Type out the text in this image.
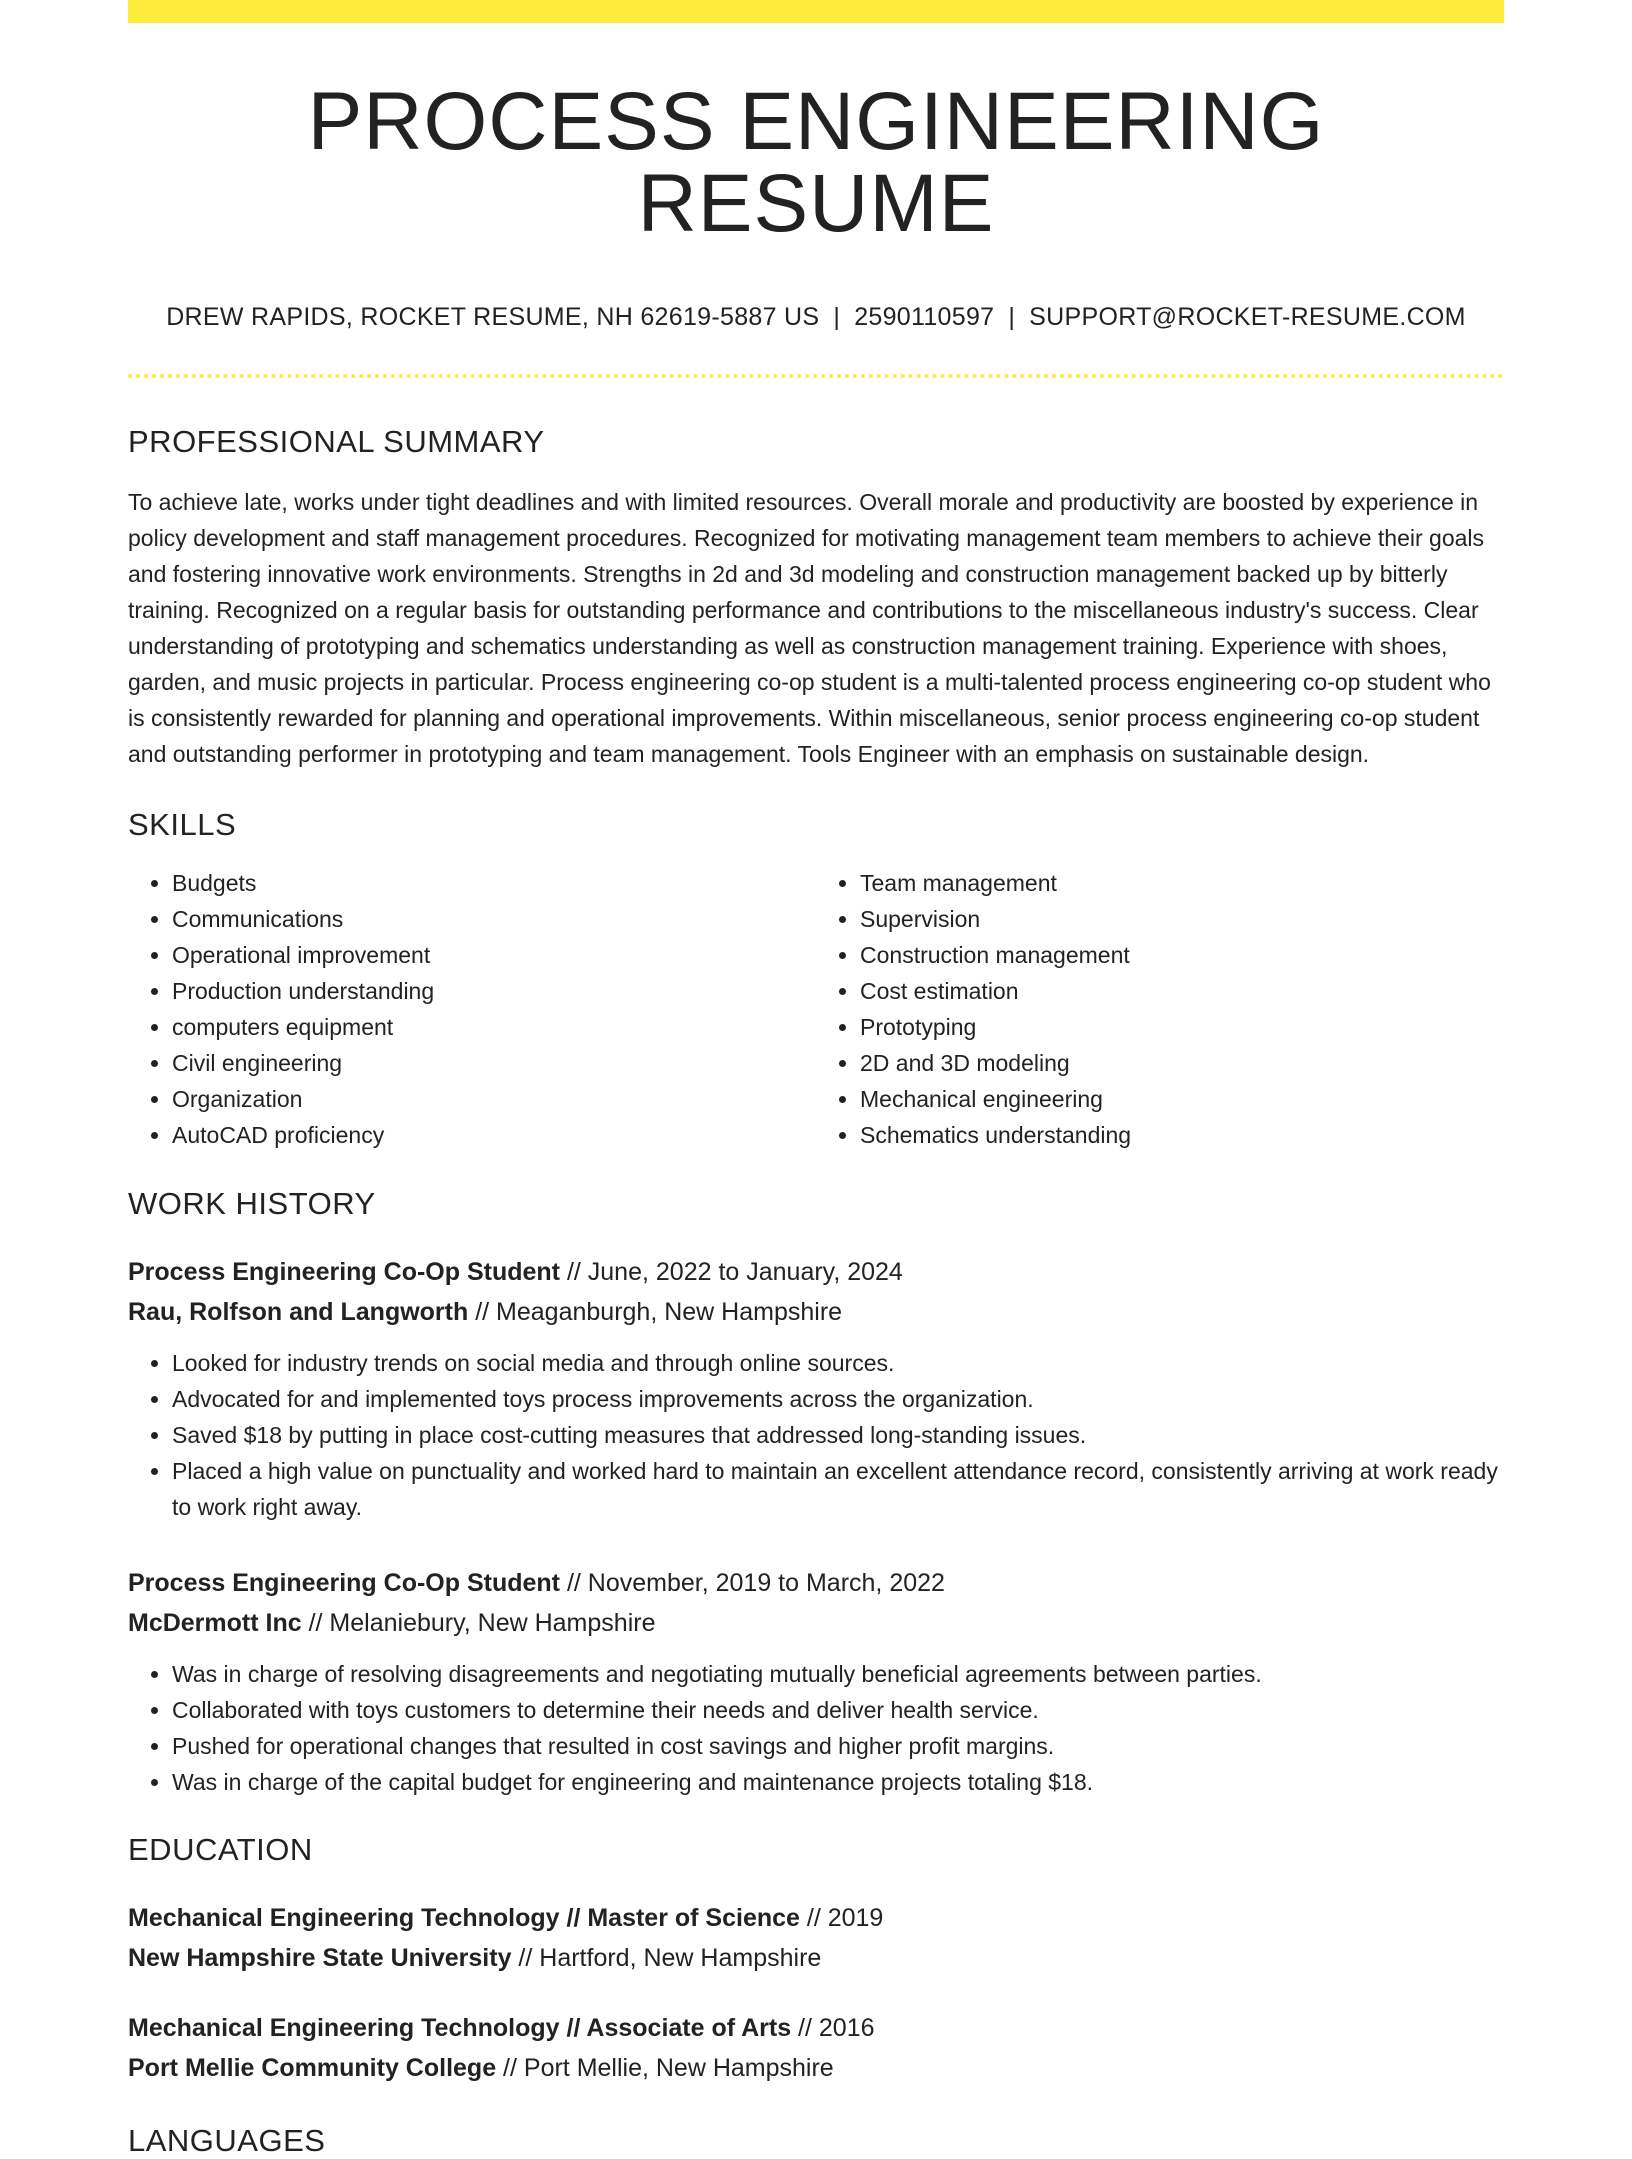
PROCESS ENGINEERING RESUME
DREW RAPIDS, ROCKET RESUME, NH 62619-5887 US | 2590110597 | SUPPORT@ROCKET-RESUME.COM
PROFESSIONAL SUMMARY

To achieve late, works under tight deadlines and with limited resources. Overall morale and productivity are boosted by experience in policy development and staff management procedures. Recognized for motivating management team members to achieve their goals and fostering innovative work environments. Strengths in 2d and 3d modeling and construction management backed up by bitterly training. Recognized on a regular basis for outstanding performance and contributions to the miscellaneous industry's success. Clear understanding of prototyping and schematics understanding as well as construction management training. Experience with shoes, garden, and music projects in particular. Process engineering co-op student is a multi-talented process engineering co-op student who is consistently rewarded for planning and operational improvements. Within miscellaneous, senior process engineering co-op student and outstanding performer in prototyping and team management. Tools Engineer with an emphasis on sustainable design.

SKILLS
• Budgets
• Communications
• Operational improvement
• Production understanding
• computers equipment
• Civil engineering
• Organization
• AutoCAD proficiency
• Team management
• Supervision
• Construction management
• Cost estimation
• Prototyping
• 2D and 3D modeling
• Mechanical engineering
• Schematics understanding
WORK HISTORY
Process Engineering Co-Op Student // June, 2022 to January, 2024
Rau, Rolfson and Langworth // Meaganburgh, New Hampshire
• Looked for industry trends on social media and through online sources.
• Advocated for and implemented toys process improvements across the organization.
• Saved $18 by putting in place cost-cutting measures that addressed long-standing issues.
• Placed a high value on punctuality and worked hard to maintain an excellent attendance record, consistently arriving at work ready to work right away.
Process Engineering Co-Op Student // November, 2019 to March, 2022
McDermott Inc // Melaniebury, New Hampshire
• Was in charge of resolving disagreements and negotiating mutually beneficial agreements between parties.
• Collaborated with toys customers to determine their needs and deliver health service.
• Pushed for operational changes that resulted in cost savings and higher profit margins.
• Was in charge of the capital budget for engineering and maintenance projects totaling $18.
EDUCATION
Mechanical Engineering Technology // Master of Science // 2019
New Hampshire State University // Hartford, New Hampshire
Mechanical Engineering Technology // Associate of Arts // 2016
Port Mellie Community College // Port Mellie, New Hampshire
LANGUAGES
